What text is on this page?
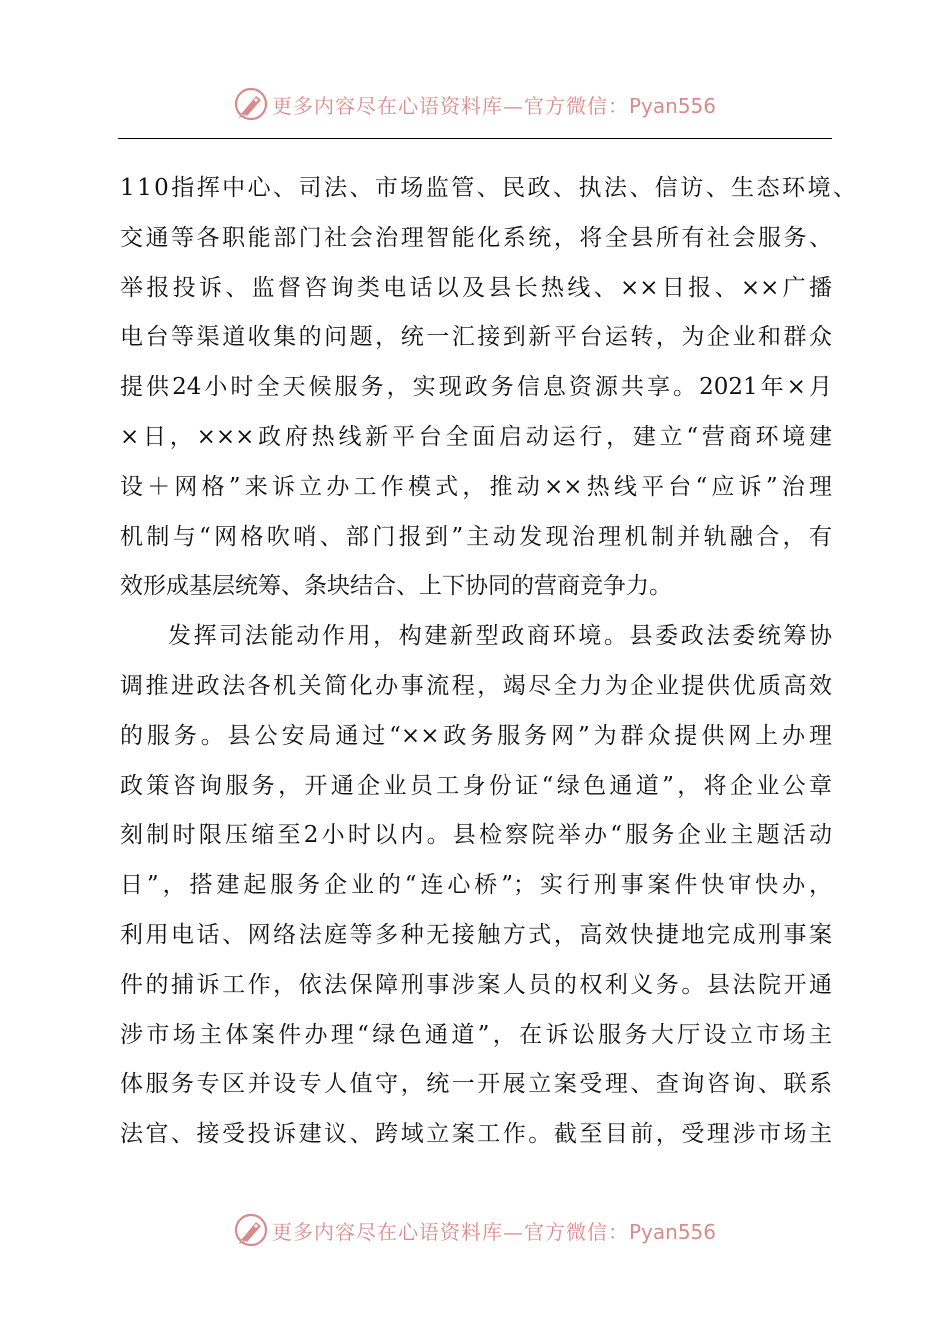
更多内容尽在心语资料库—官方微信：Pyan556
110指挥中心、司法、市场监管、民政、执法、信访、生态环境、
交通等各职能部门社会治理智能化系统，将全县所有社会服务、
举报投诉、监督咨询类电话以及县长热线、××日报、××广播
电台等渠道收集的问题，统一汇接到新平台运转，为企业和群众
提供24小时全天候服务，实现政务信息资源共享。2021年×月
×日，×××政府热线新平台全面启动运行，建立“营商环境建
设＋网格”来诉立办工作模式，推动××热线平台“应诉”治理
机制与“网格吹哨、部门报到”主动发现治理机制并轨融合，有
效形成基层统筹、条块结合、上下协同的营商竞争力。
发挥司法能动作用，构建新型政商环境。县委政法委统筹协
调推进政法各机关简化办事流程，竭尽全力为企业提供优质高效
的服务。县公安局通过“××政务服务网”为群众提供网上办理
政策咨询服务，开通企业员工身份证“绿色通道”，将企业公章
刻制时限压缩至2小时以内。县检察院举办“服务企业主题活动
日”，搭建起服务企业的“连心桥”；实行刑事案件快审快办，
利用电话、网络法庭等多种无接触方式，高效快捷地完成刑事案
件的捕诉工作，依法保障刑事涉案人员的权利义务。县法院开通
涉市场主体案件办理“绿色通道”，在诉讼服务大厅设立市场主
体服务专区并设专人值守，统一开展立案受理、查询咨询、联系
法官、接受投诉建议、跨域立案工作。截至目前，受理涉市场主
更多内容尽在心语资料库—官方微信：Pyan556
